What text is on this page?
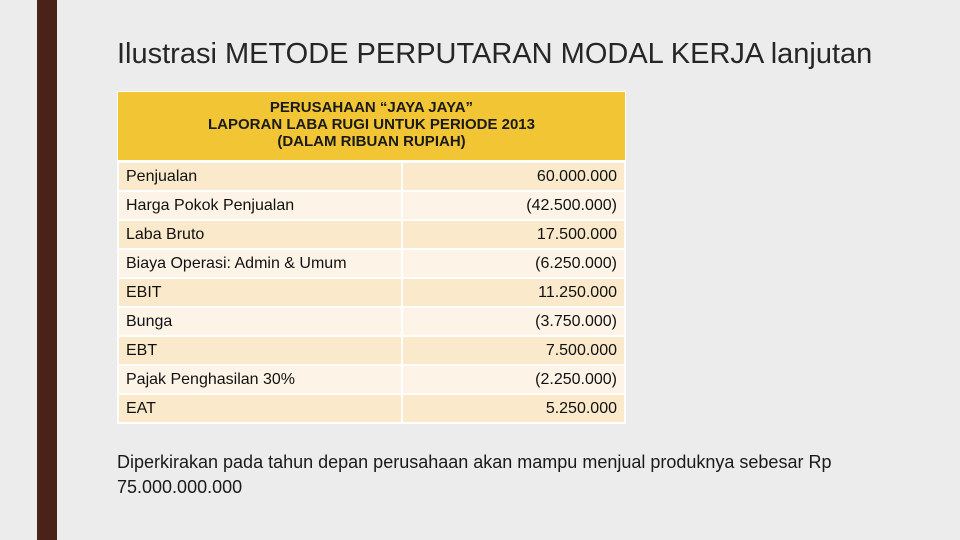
Ilustrasi METODE PERPUTARAN MODAL KERJA lanjutan
PERUSAHAAN “JAYA JAYA”
LAPORAN LABA RUGI UNTUK PERIODE 2013
(DALAM RIBUAN RUPIAH)
Penjualan	60.000.000
Harga Pokok Penjualan	(42.500.000)
Laba Bruto	17.500.000
Biaya Operasi: Admin & Umum	(6.250.000)
EBIT	11.250.000
Bunga	(3.750.000)
EBT	7.500.000
Pajak Penghasilan 30%	(2.250.000)
EAT	5.250.000

Diperkirakan pada tahun depan perusahaan akan mampu menjual produknya sebesar Rp 75.000.000.000
